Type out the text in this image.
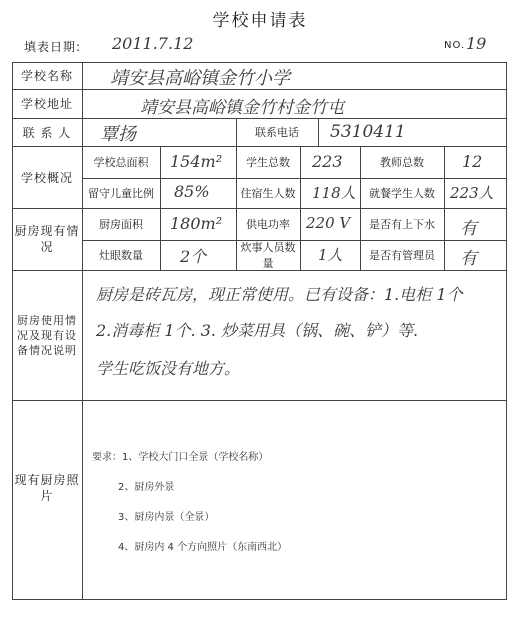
学校申请表
填表日期: 2011.7.12	NO. 19
学校名称	靖安县高峪镇金竹小学
学校地址	靖安县高峪镇金竹村金竹屯
联 系 人	覃扬	联系电话	5310411
学校概况
学校总面积	154m²	学生总数	223	教师总数	12
留守儿童比例	85%	住宿生人数	118人	就餐学生人数	223人
厨房现有情况
厨房面积	180m²	供电功率	220 V	是否有上下水	有
灶眼数量	2个	炊事人员数量	1人	是否有管理员	有
厨房使用情况及现有设备情况说明
厨房是砖瓦房，现正常使用。已有设备：1.电柜 1个
2.消毒柜 1个. 3. 炒菜用具（锅、碗、铲）等.
学生吃饭没有地方。
现有厨房照片
要求：1、学校大门口全景（学校名称）
2、厨房外景
3、厨房内景（全景）
4、厨房内 4 个方向照片（东南西北）
